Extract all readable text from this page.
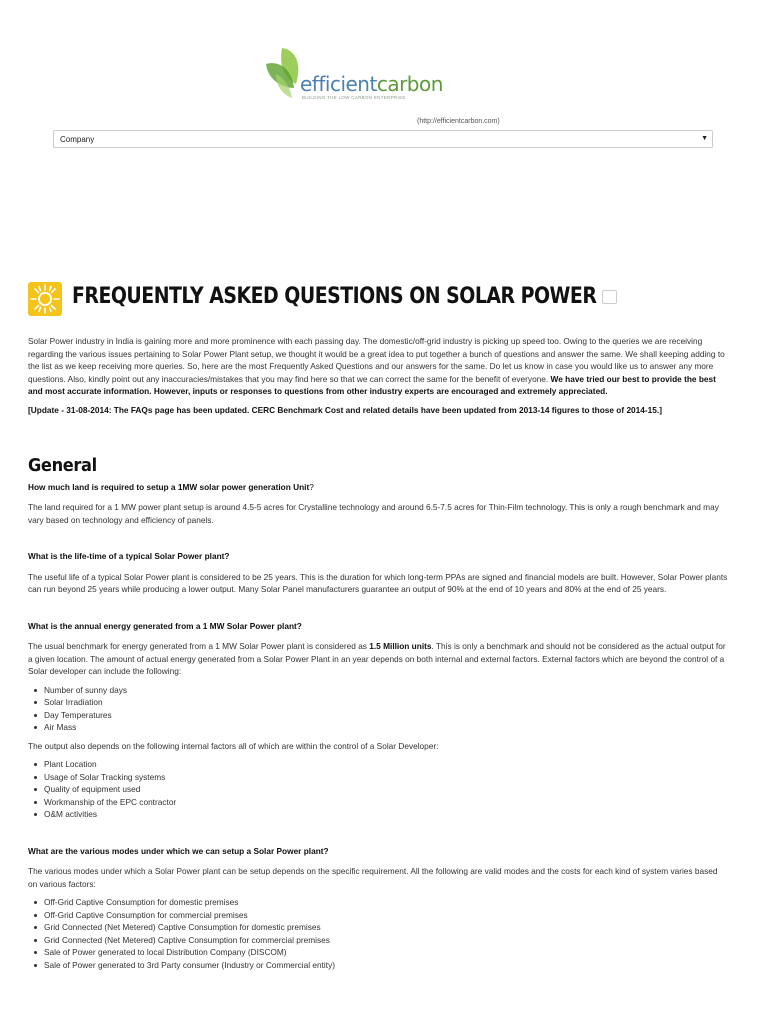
efficientcarbon
BUILDING THE LOW CARBON ENTERPRISE
(http://efficientcarbon.com)
Company	▼
FREQUENTLY ASKED QUESTIONS ON SOLAR POWER

Solar Power industry in India is gaining more and more prominence with each passing day. The domestic/off-grid industry is picking up speed too. Owing to the queries we are receiving regarding the various issues pertaining to Solar Power Plant setup, we thought it would be a great idea to put together a bunch of questions and answer the same. We shall keeping adding to the list as we keep receiving more queries. So, here are the most Frequently Asked Questions and our answers for the same. Do let us know in case you would like us to answer any more questions. Also, kindly point out any inaccuracies/mistakes that you may find here so that we can correct the same for the benefit of everyone. We have tried our best to provide the best and most accurate information. However, inputs or responses to questions from other industry experts are encouraged and extremely appreciated.

[Update - 31-08-2014: The FAQs page has been updated. CERC Benchmark Cost and related details have been updated from 2013-14 figures to those of 2014-15.]

General

How much land is required to setup a 1MW solar power generation Unit?

The land required for a 1 MW power plant setup is around 4.5-5 acres for Crystalline technology and around 6.5-7.5 acres for Thin-Film technology. This is only a rough benchmark and may vary based on technology and efficiency of panels.

What is the life-time of a typical Solar Power plant?

The useful life of a typical Solar Power plant is considered to be 25 years. This is the duration for which long-term PPAs are signed and financial models are built. However, Solar Power plants can run beyond 25 years while producing a lower output. Many Solar Panel manufacturers guarantee an output of 90% at the end of 10 years and 80% at the end of 25 years.

What is the annual energy generated from a 1 MW Solar Power plant?

The usual benchmark for energy generated from a 1 MW Solar Power plant is considered as 1.5 Million units. This is only a benchmark and should not be considered as the actual output for a given location. The amount of actual energy generated from a Solar Power Plant in an year depends on both internal and external factors. External factors which are beyond the control of a Solar developer can include the following:

Number of sunny days
Solar Irradiation
Day Temperatures
Air Mass

The output also depends on the following internal factors all of which are within the control of a Solar Developer:

Plant Location
Usage of Solar Tracking systems
Quality of equipment used
Workmanship of the EPC contractor
O&M activities

What are the various modes under which we can setup a Solar Power plant?

The various modes under which a Solar Power plant can be setup depends on the specific requirement. All the following are valid modes and the costs for each kind of system varies based on various factors:

Off-Grid Captive Consumption for domestic premises
Off-Grid Captive Consumption for commercial premises
Grid Connected (Net Metered) Captive Consumption for domestic premises
Grid Connected (Net Metered) Captive Consumption for commercial premises
Sale of Power generated to local Distribution Company (DISCOM)
Sale of Power generated to 3rd Party consumer (Industry or Commercial entity)
